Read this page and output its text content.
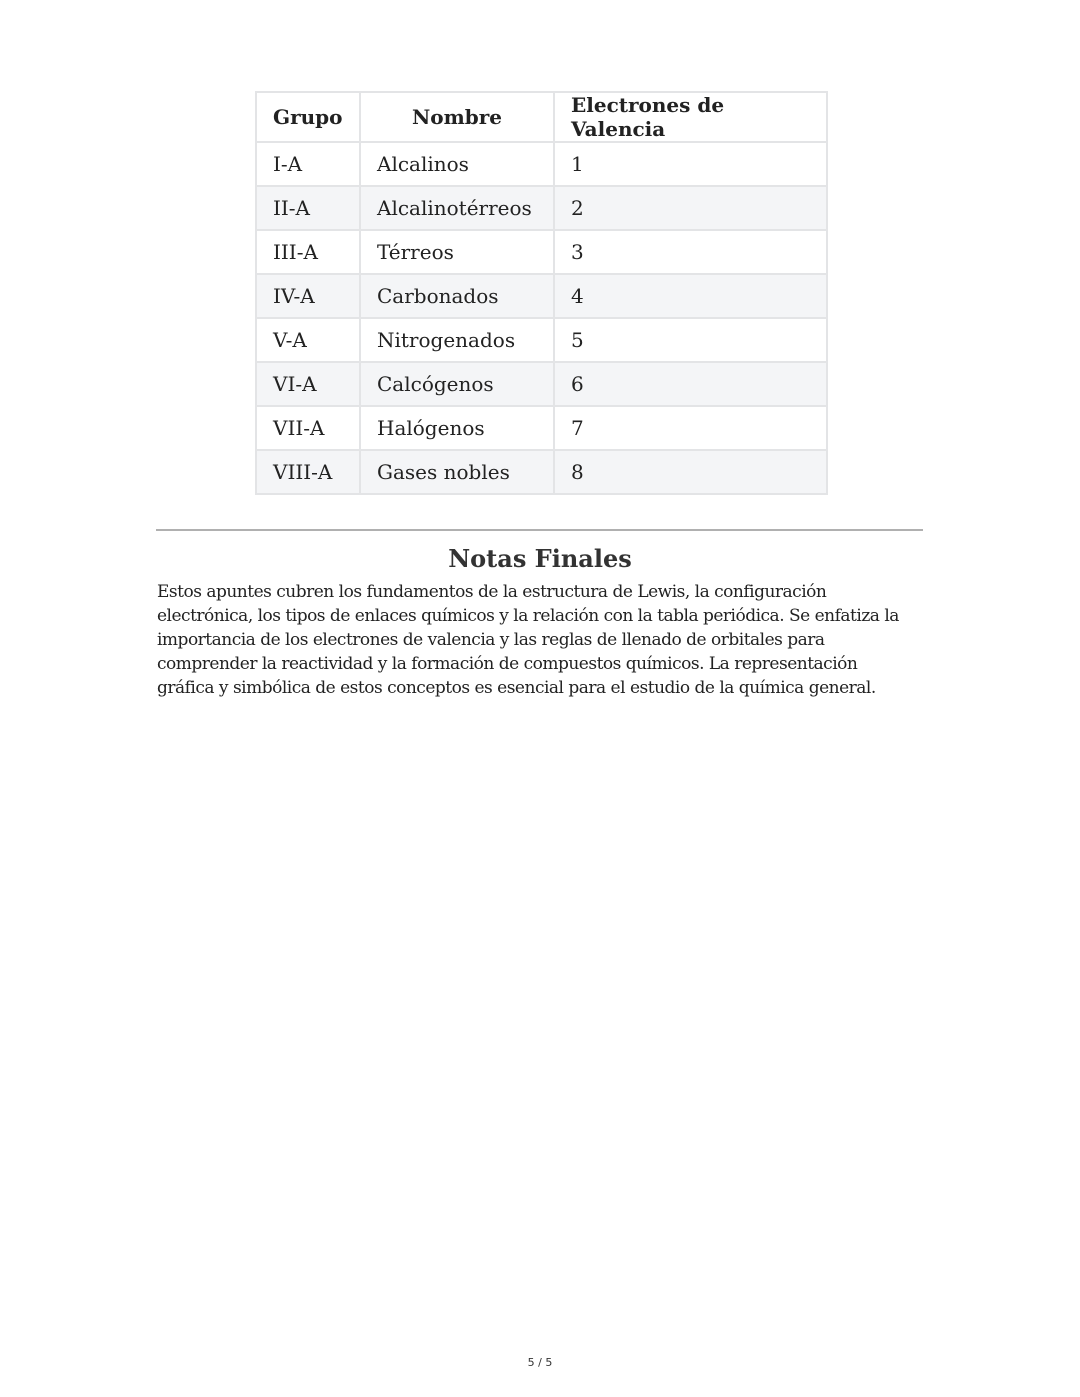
Grupo	Nombre	Electrones de Valencia
I-A	Alcalinos	1
II-A	Alcalinotérreos	2
III-A	Térreos	3
IV-A	Carbonados	4
V-A	Nitrogenados	5
VI-A	Calcógenos	6
VII-A	Halógenos	7
VIII-A	Gases nobles	8
Notas Finales
Estos apuntes cubren los fundamentos de la estructura de Lewis, la configuración
electrónica, los tipos de enlaces químicos y la relación con la tabla periódica. Se enfatiza la
importancia de los electrones de valencia y las reglas de llenado de orbitales para
comprender la reactividad y la formación de compuestos químicos. La representación
gráfica y simbólica de estos conceptos es esencial para el estudio de la química general.
5 / 5
